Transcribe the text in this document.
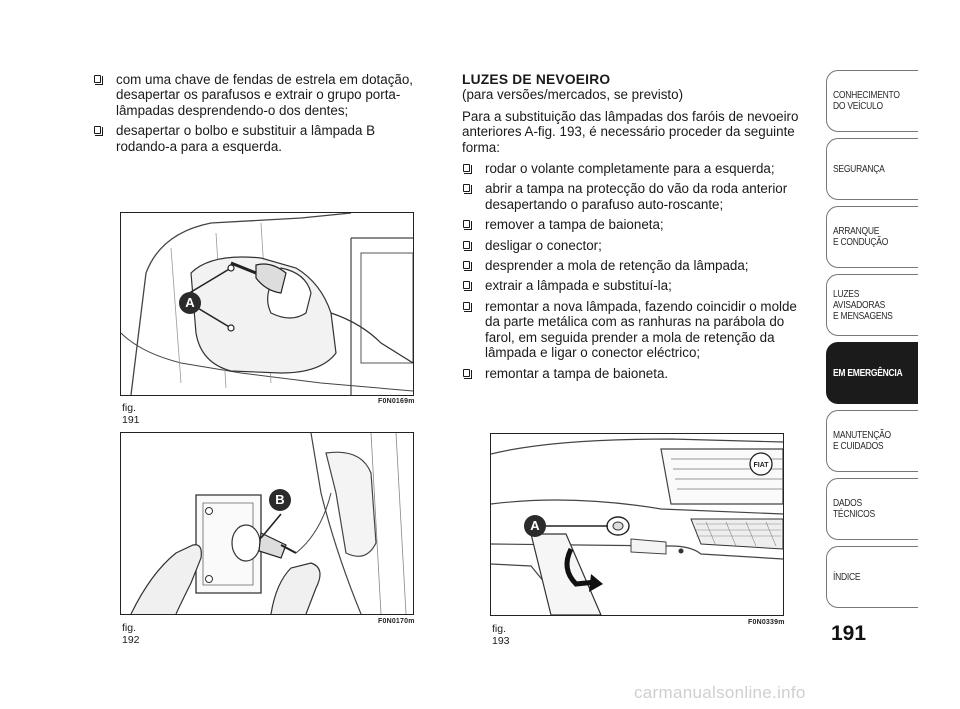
com uma chave de fendas de estrela em dotação, desapertar os parafusos e extrair o grupo porta-lâmpadas desprendendo-o dos dentes;
desapertar o bolbo e substituir a lâmpada B rodando-a para a esquerda.

LUZES DE NEVOEIRO

(para versões/mercados, se previsto)

Para a substituição das lâmpadas dos faróis de nevoeiro anteriores A-fig. 193, é necessário proceder da seguinte forma:

rodar o volante completamente para a esquerda;
abrir a tampa na protecção do vão da roda anterior desapertando o parafuso auto-roscante;
remover a tampa de baioneta;
desligar o conector;
desprender a mola de retenção da lâmpada;
extrair a lâmpada e substituí-la;
remontar a nova lâmpada, fazendo coincidir o molde da parte metálica com as ranhuras na parábola do farol, em seguida prender a mola de retenção da lâmpada e ligar o conector eléctrico;
remontar a tampa de baioneta.
A
fig. 191
F0N0169m
B
fig. 192
F0N0170m
FIAT
A
fig. 193
F0N0339m
CONHECIMENTO
DO VEÍCULO
SEGURANÇA
ARRANQUE
E CONDUÇÃO
LUZES
AVISADORAS
E MENSAGENS
EM EMERGÊNCIA
MANUTENÇÃO
E CUIDADOS
DADOS
TÉCNICOS
ÍNDICE
191
carmanualsonline.info
